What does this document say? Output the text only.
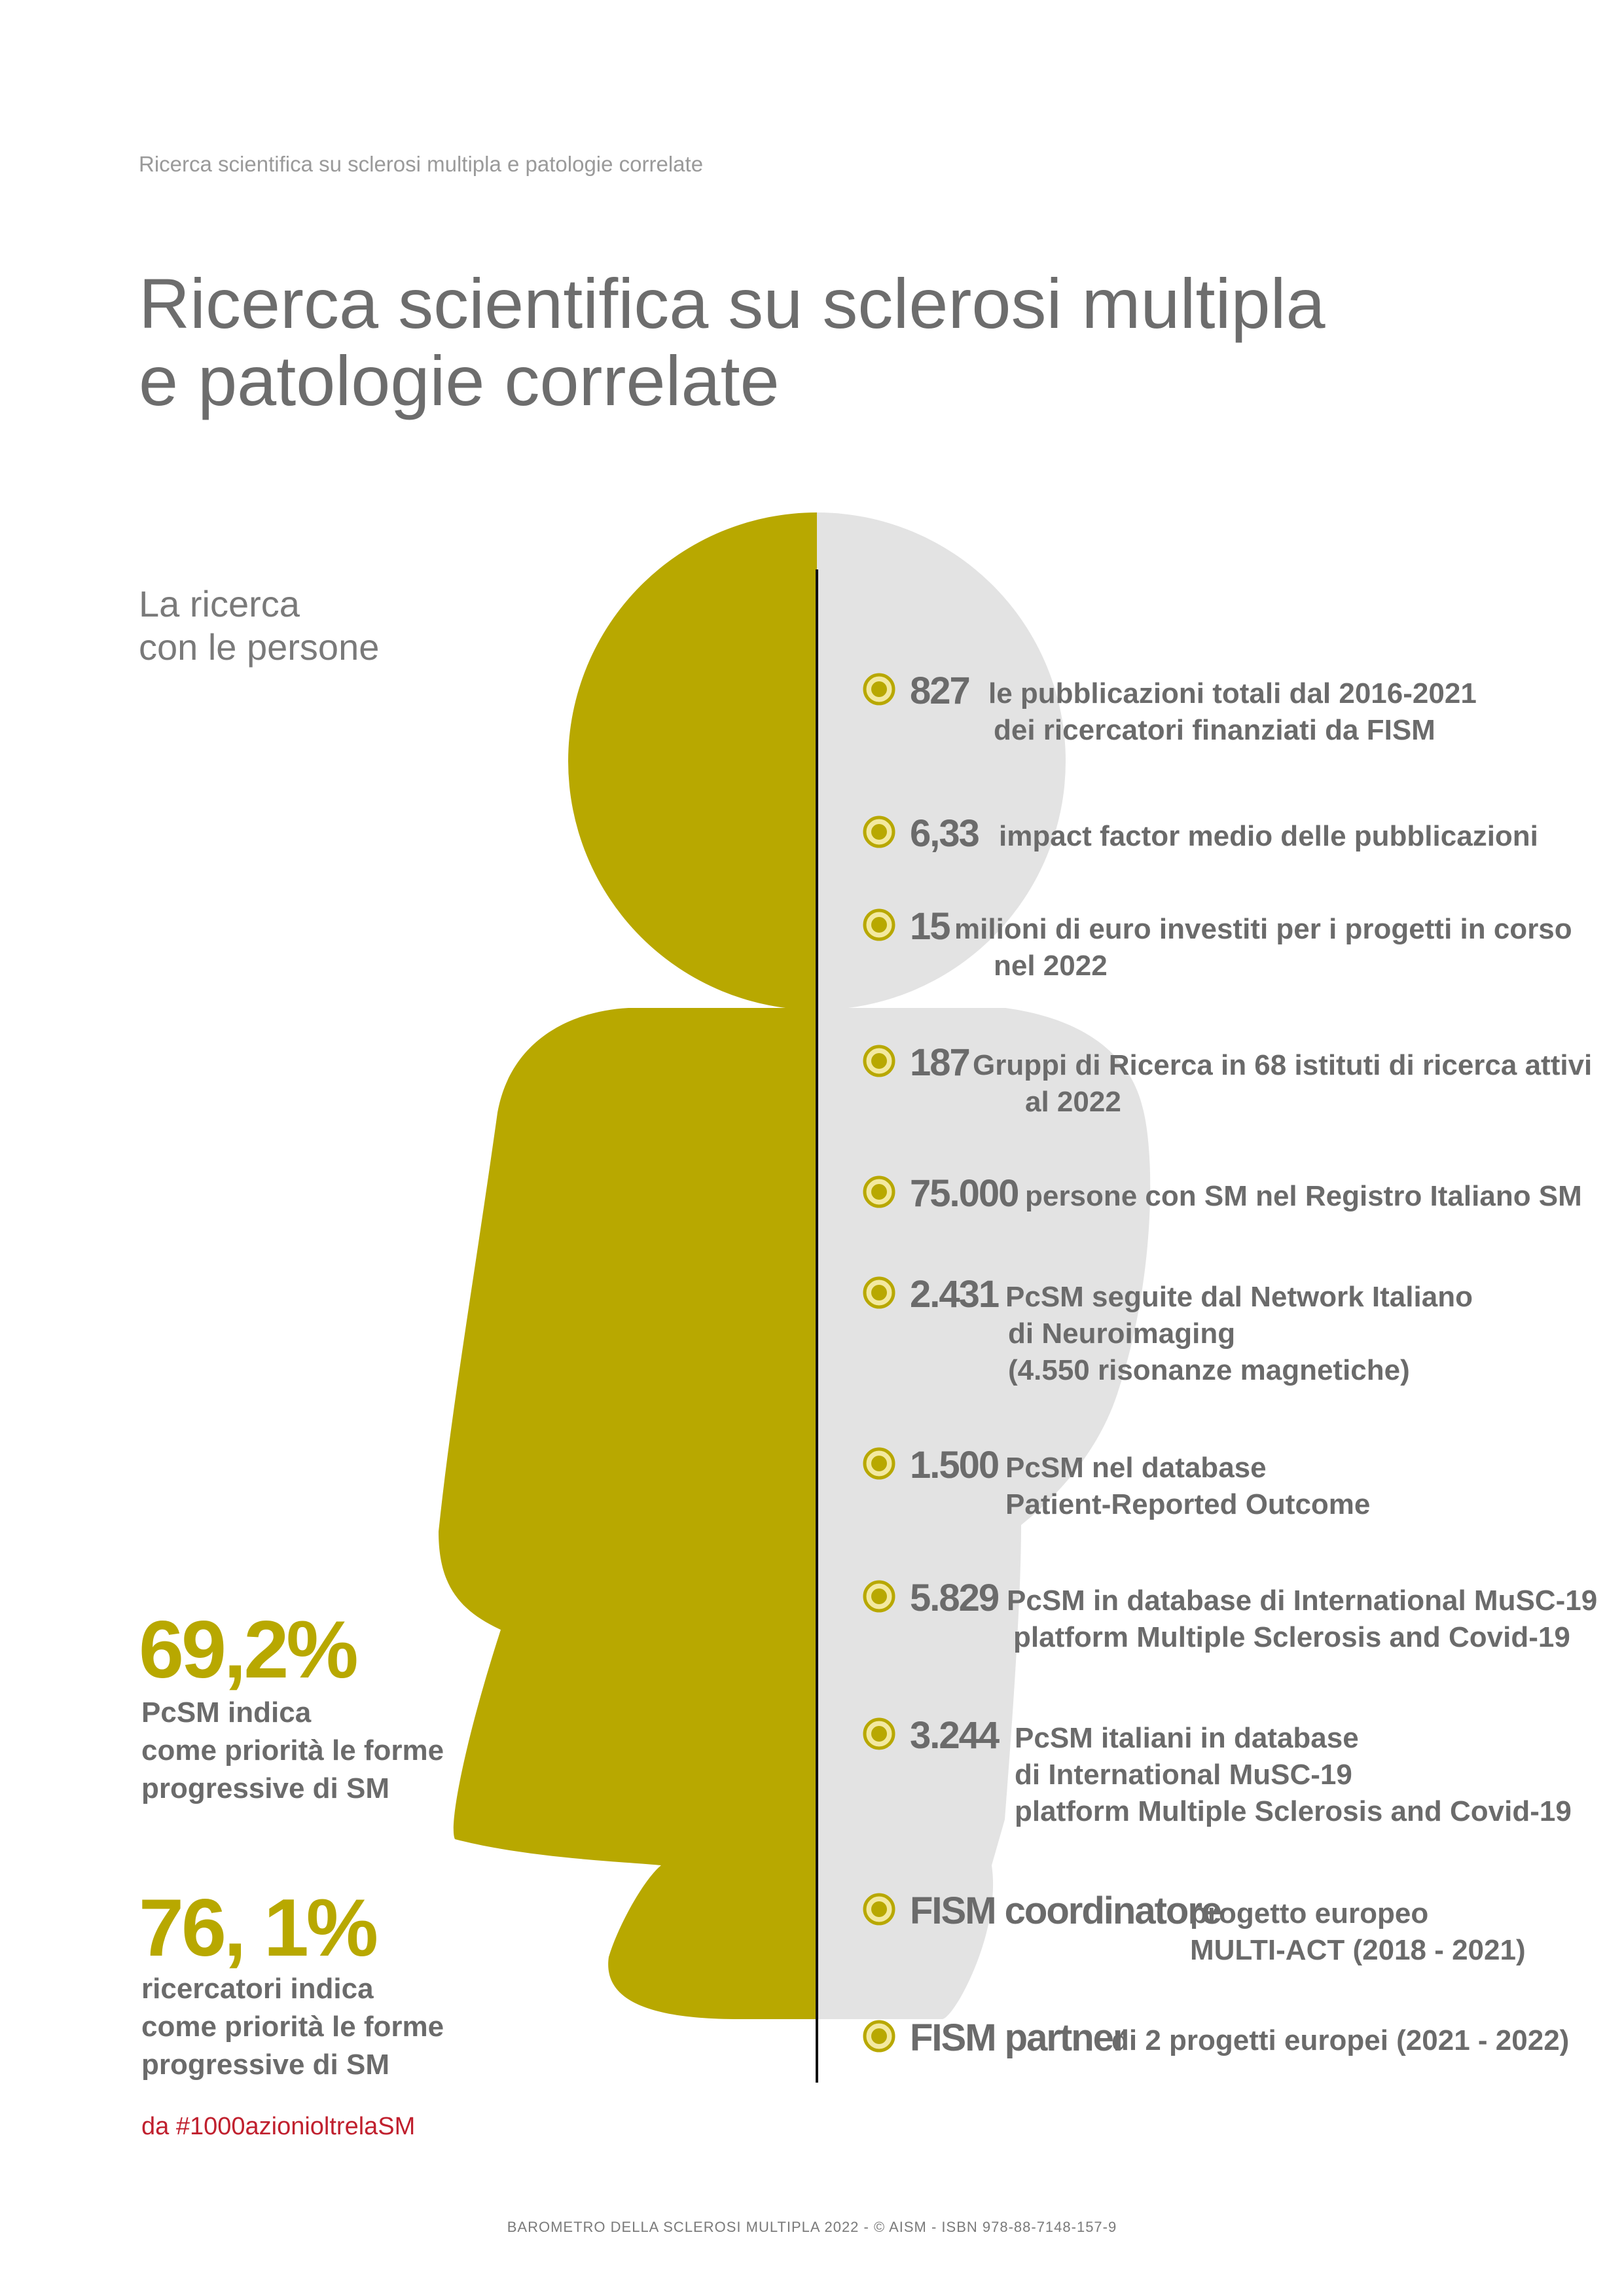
Ricerca scientifica su sclerosi multipla e patologie correlate
Ricerca scientifica su sclerosi multipla
e patologie correlate
La ricerca
con le persone
827 le pubblicazioni totali dal 2016-2021
dei ricercatori finanziati da FISM
6,33 impact factor medio delle pubblicazioni
15 milioni di euro investiti per i progetti in corso
nel 2022
187 Gruppi di Ricerca in 68 istituti di ricerca attivi
al 2022
75.000 persone con SM nel Registro Italiano SM
2.431 PcSM seguite dal Network Italiano
di Neuroimaging
(4.550 risonanze magnetiche)
1.500 PcSM nel database
Patient-Reported Outcome
5.829 PcSM in database di International MuSC-19
platform Multiple Sclerosis and Covid-19
3.244 PcSM italiani in database
di International MuSC-19
platform Multiple Sclerosis and Covid-19
FISM coordinatore
progetto europeo
MULTI-ACT (2018 - 2021)
FISM partner
di 2 progetti europei (2021 - 2022)
69,2%
PcSM indica
come priorità le forme
progressive di SM
76, 1%
ricercatori indica
come priorità le forme
progressive di SM
da #1000azionioltrelaSM
BAROMETRO DELLA SCLEROSI MULTIPLA 2022 - © AISM - ISBN 978-88-7148-157-9
